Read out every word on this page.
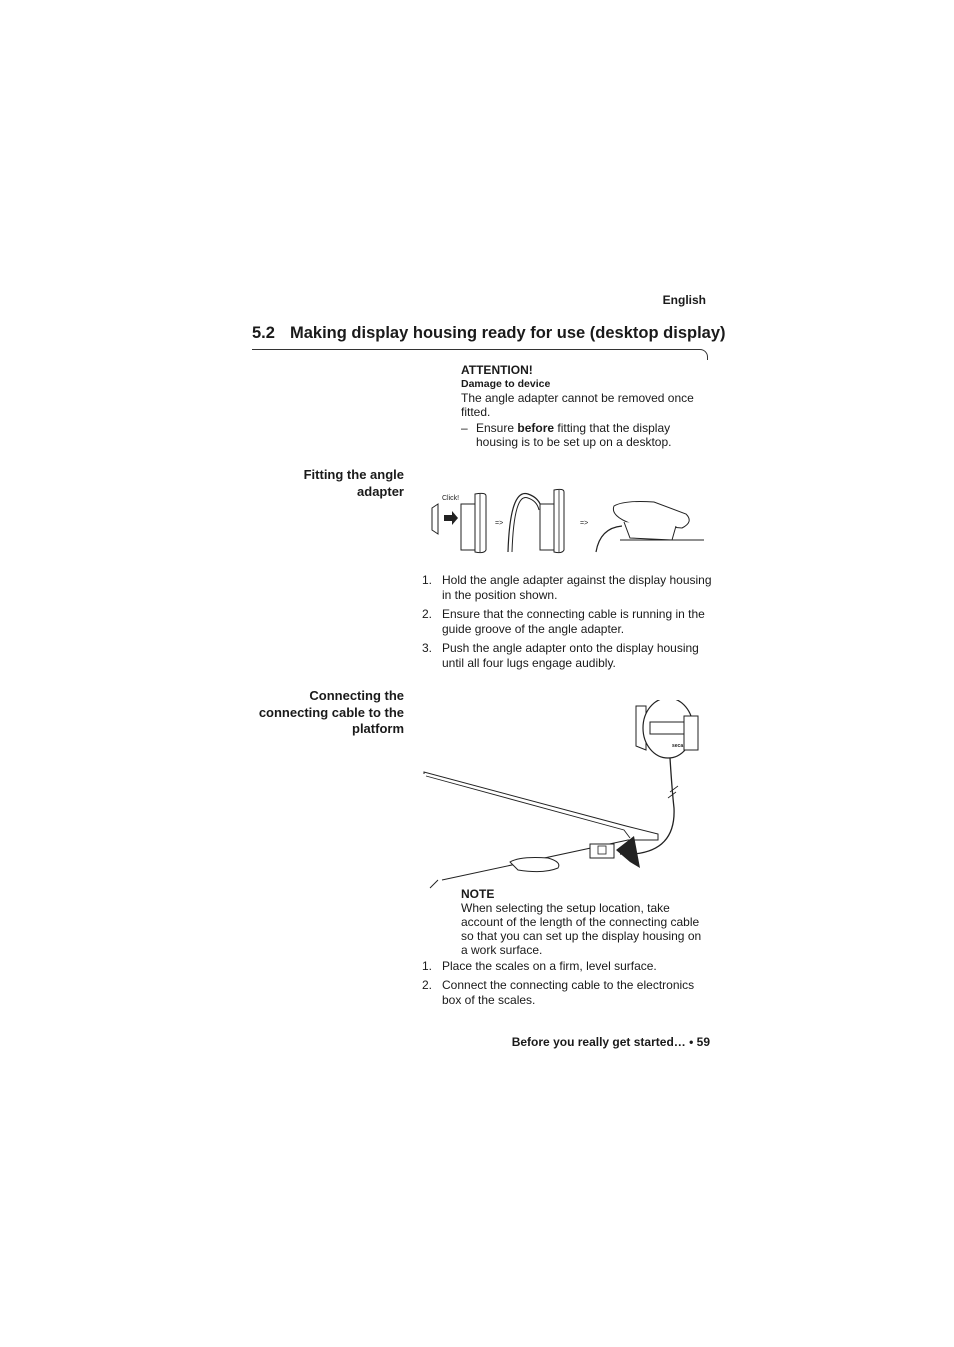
English
5.2 Making display housing ready for use (desktop display)
ATTENTION!
Damage to device
The angle adapter cannot be removed once fitted.
– Ensure before fitting that the display housing is to be set up on a desktop.
Fitting the angle
adapter	Click!
=>	=>
1. Hold the angle adapter against the display housing in the position shown.
2. Ensure that the connecting cable is running in the guide groove of the angle adapter.
3. Push the angle adapter onto the display housing until all four lugs engage audibly.
Connecting the
connecting cable to the
platform
seca
NOTE
When selecting the setup location, take account of the length of the connecting cable so that you can set up the display housing on a work surface.
1. Place the scales on a firm, level surface.
2. Connect the connecting cable to the electronics box of the scales.
Before you really get started… • 59
